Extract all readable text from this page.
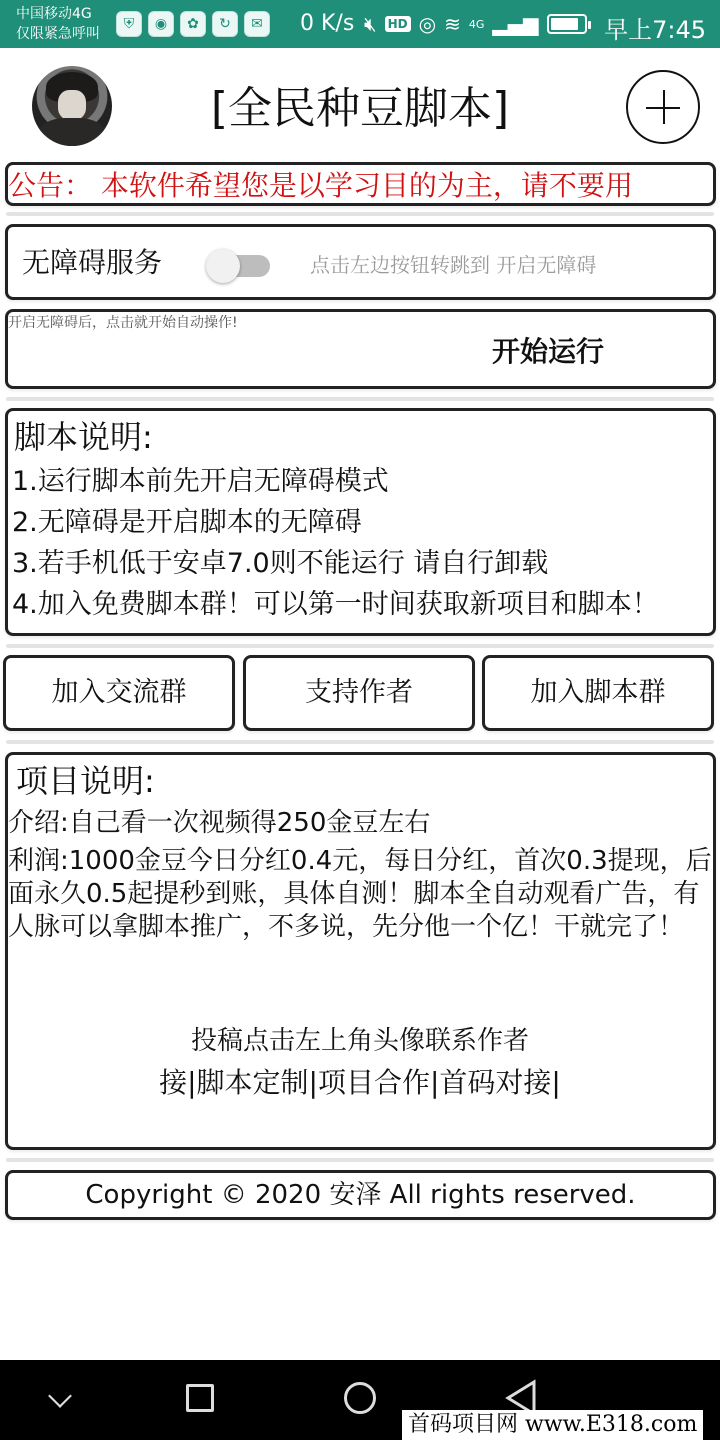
中国移动4G
仅限紧急呼叫
⛨	◉	✿	↻	✉	0 K/s 🔇︎ HD ◎ ≋ 4G ▂▄▆	早上7:45
[全民种豆脚本]
公告： 本软件希望您是以学习目的为主，请不要用
无障碍服务	点击左边按钮转跳到 开启无障碍
开启无障碍后，点击就开始自动操作!
开始运行
脚本说明:
1.运行脚本前先开启无障碍模式
2.无障碍是开启脚本的无障碍
3.若手机低于安卓7.0则不能运行 请自行卸载
4.加入免费脚本群！可以第一时间获取新项目和脚本！
加入交流群	支持作者	加入脚本群
项目说明:
介绍:自己看一次视频得250金豆左右
利润:1000金豆今日分红0.4元，每日分红，首次0.3提现，后面永久0.5起提秒到账，具体自测！脚本全自动观看广告，有人脉可以拿脚本推广，不多说，先分他一个亿！干就完了！
投稿点击左上角头像联系作者
接|脚本定制|项目合作|首码对接|
Copyright © 2020 安泽 All rights reserved.
首码项目网 www.E318.com
